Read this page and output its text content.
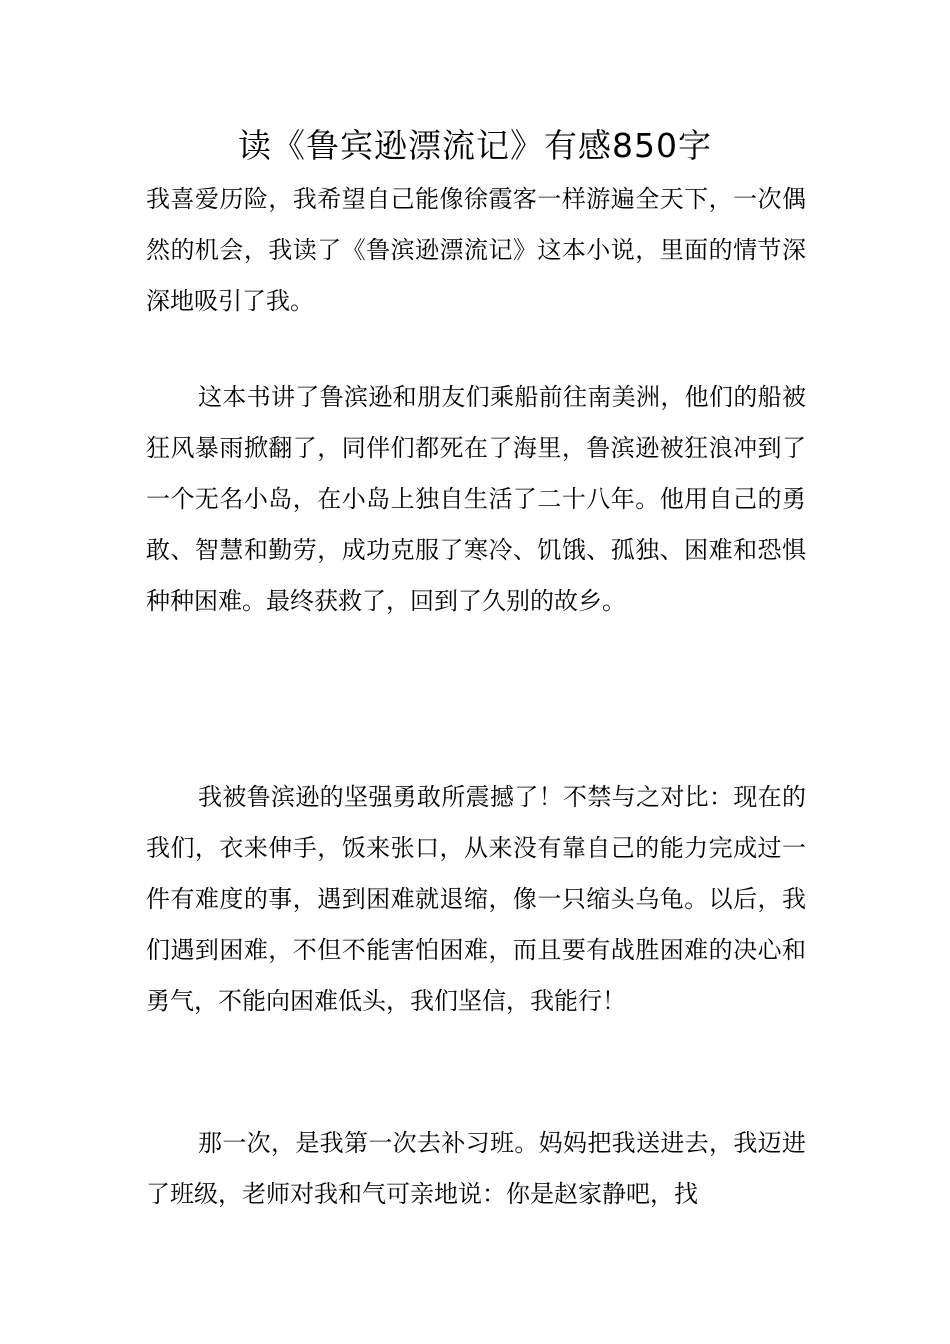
读《鲁宾逊漂流记》有感850字

我喜爱历险，我希望自己能像徐霞客一样游遍全天下，一次偶然的机会，我读了《鲁滨逊漂流记》这本小说，里面的情节深深地吸引了我。

这本书讲了鲁滨逊和朋友们乘船前往南美洲，他们的船被狂风暴雨掀翻了，同伴们都死在了海里，鲁滨逊被狂浪冲到了一个无名小岛，在小岛上独自生活了二十八年。他用自己的勇敢、智慧和勤劳，成功克服了寒冷、饥饿、孤独、困难和恐惧种种困难。最终获救了，回到了久别的故乡。

我被鲁滨逊的坚强勇敢所震撼了！不禁与之对比：现在的我们，衣来伸手，饭来张口，从来没有靠自己的能力完成过一件有难度的事，遇到困难就退缩，像一只缩头乌龟。以后，我们遇到困难，不但不能害怕困难，而且要有战胜困难的决心和勇气，不能向困难低头，我们坚信，我能行！

那一次，是我第一次去补习班。妈妈把我送进去，我迈进了班级，老师对我和气可亲地说：你是赵家静吧，找
